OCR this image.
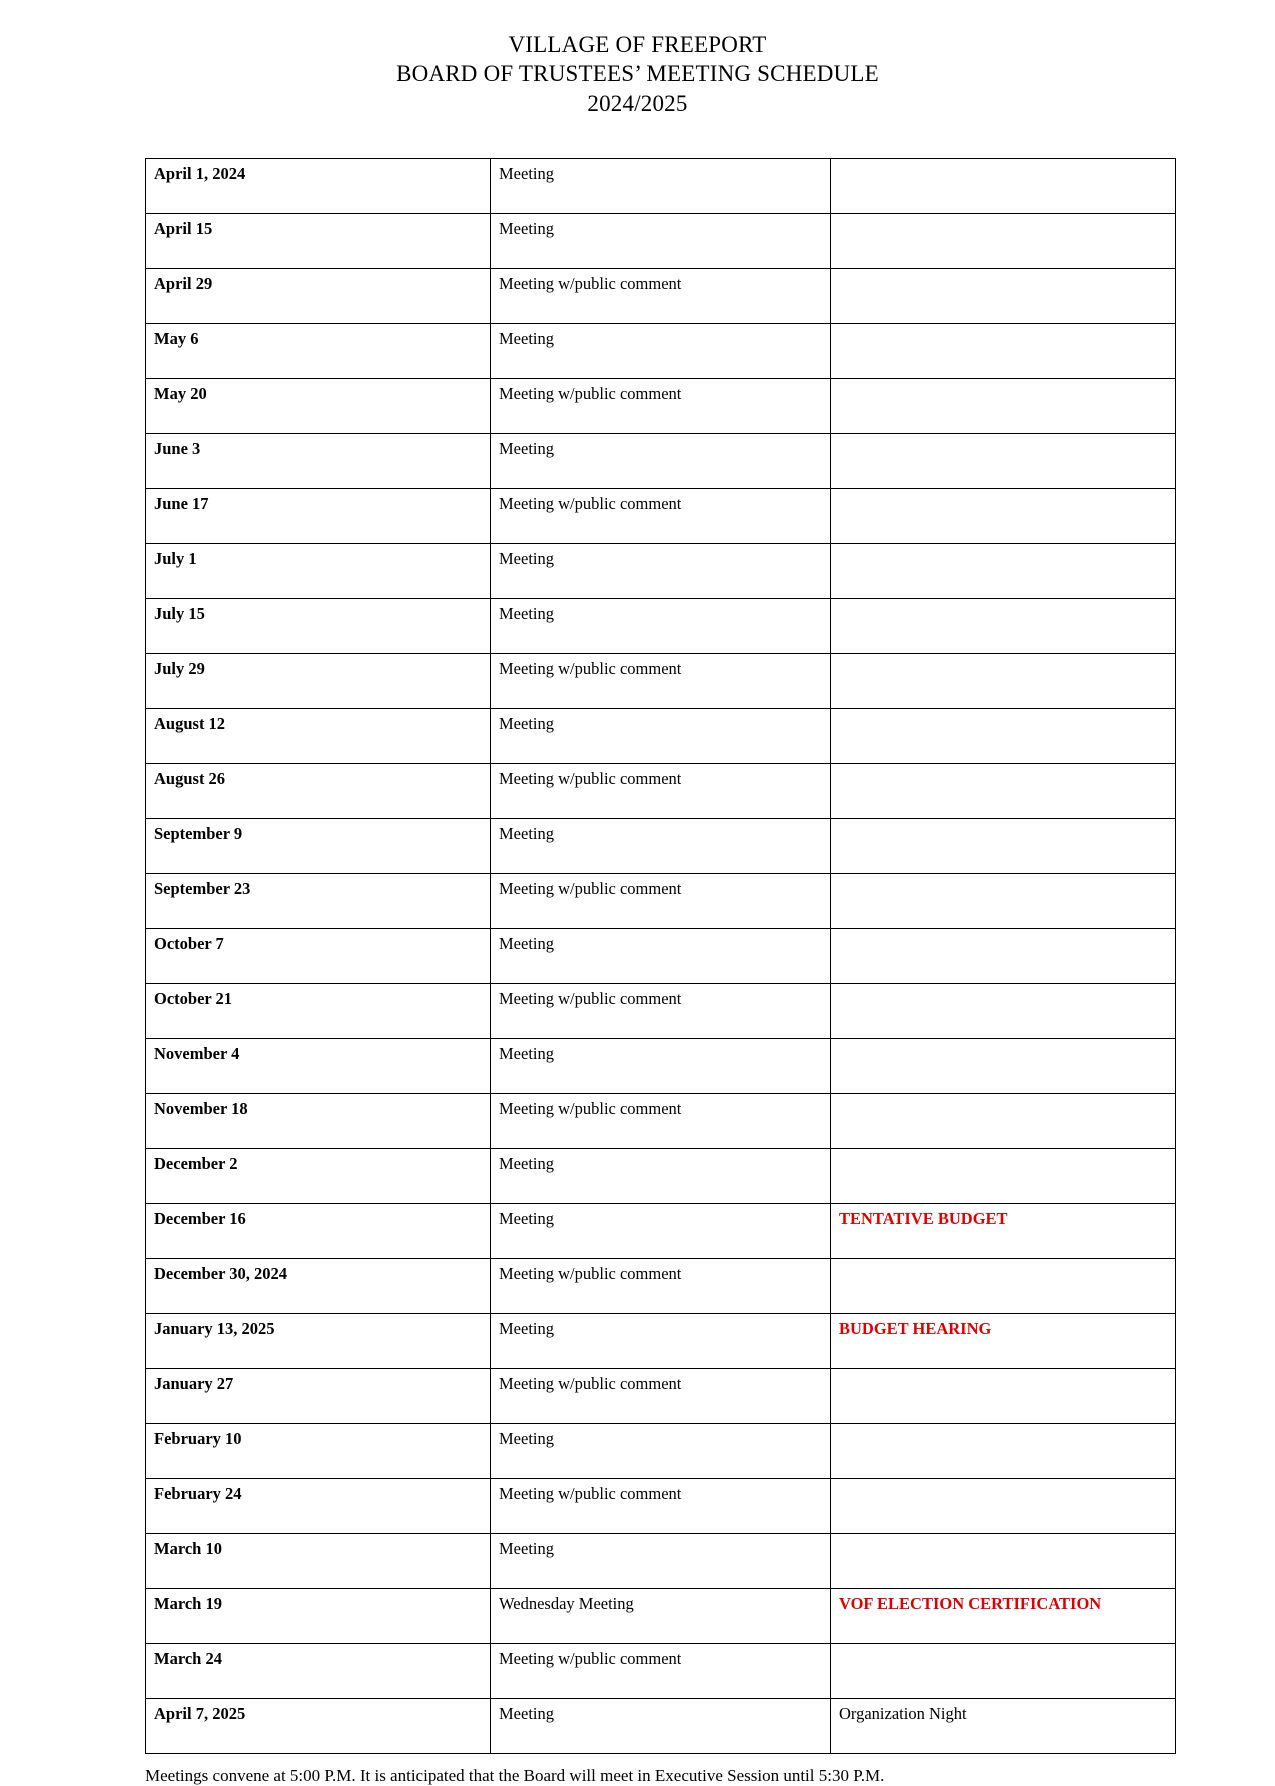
VILLAGE OF FREEPORT
BOARD OF TRUSTEES’ MEETING SCHEDULE
2024/2025
April 1, 2024	Meeting	
April 15	Meeting	
April 29	Meeting w/public comment	
May 6	Meeting	
May 20	Meeting w/public comment	
June 3	Meeting	
June 17	Meeting w/public comment	
July 1	Meeting	
July 15	Meeting	
July 29	Meeting w/public comment	
August 12	Meeting	
August 26	Meeting w/public comment	
September 9	Meeting	
September 23	Meeting w/public comment	
October 7	Meeting	
October 21	Meeting w/public comment	
November 4	Meeting	
November 18	Meeting w/public comment	
December 2	Meeting	
December 16	Meeting	TENTATIVE BUDGET
December 30, 2024	Meeting w/public comment	
January 13, 2025	Meeting	BUDGET HEARING
January 27	Meeting w/public comment	
February 10	Meeting	
February 24	Meeting w/public comment	
March 10	Meeting	
March 19	Wednesday Meeting	VOF ELECTION CERTIFICATION
March 24	Meeting w/public comment	
April 7, 2025	Meeting	Organization Night
Meetings convene at 5:00 P.M. It is anticipated that the Board will meet in Executive Session until 5:30 P.M.
